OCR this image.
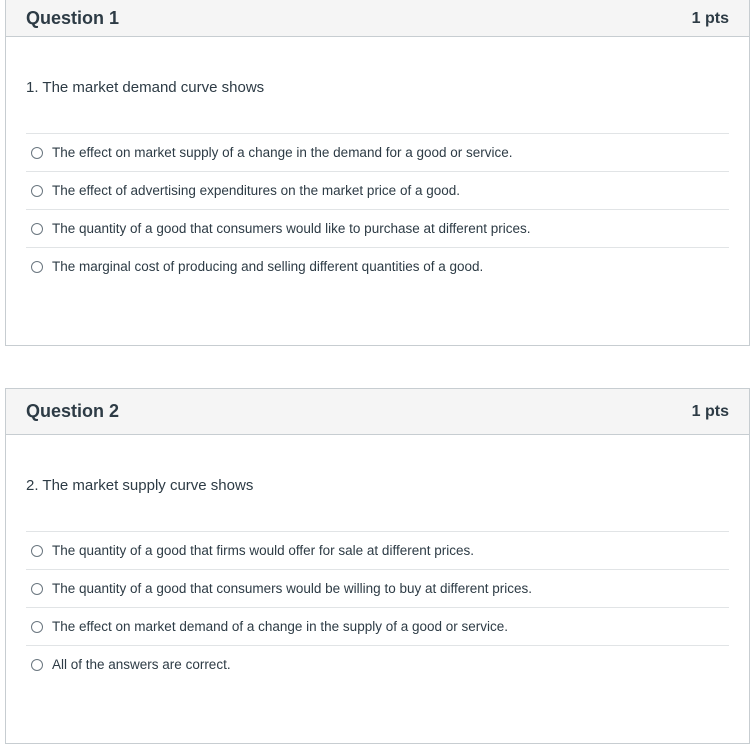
Question 1	1 pts

1. The market demand curve shows

The effect on market supply of a change in the demand for a good or service.
The effect of advertising expenditures on the market price of a good.
The quantity of a good that consumers would like to purchase at different prices.
The marginal cost of producing and selling different quantities of a good.
Question 2	1 pts

2. The market supply curve shows

The quantity of a good that firms would offer for sale at different prices.
The quantity of a good that consumers would be willing to buy at different prices.
The effect on market demand of a change in the supply of a good or service.
All of the answers are correct.
